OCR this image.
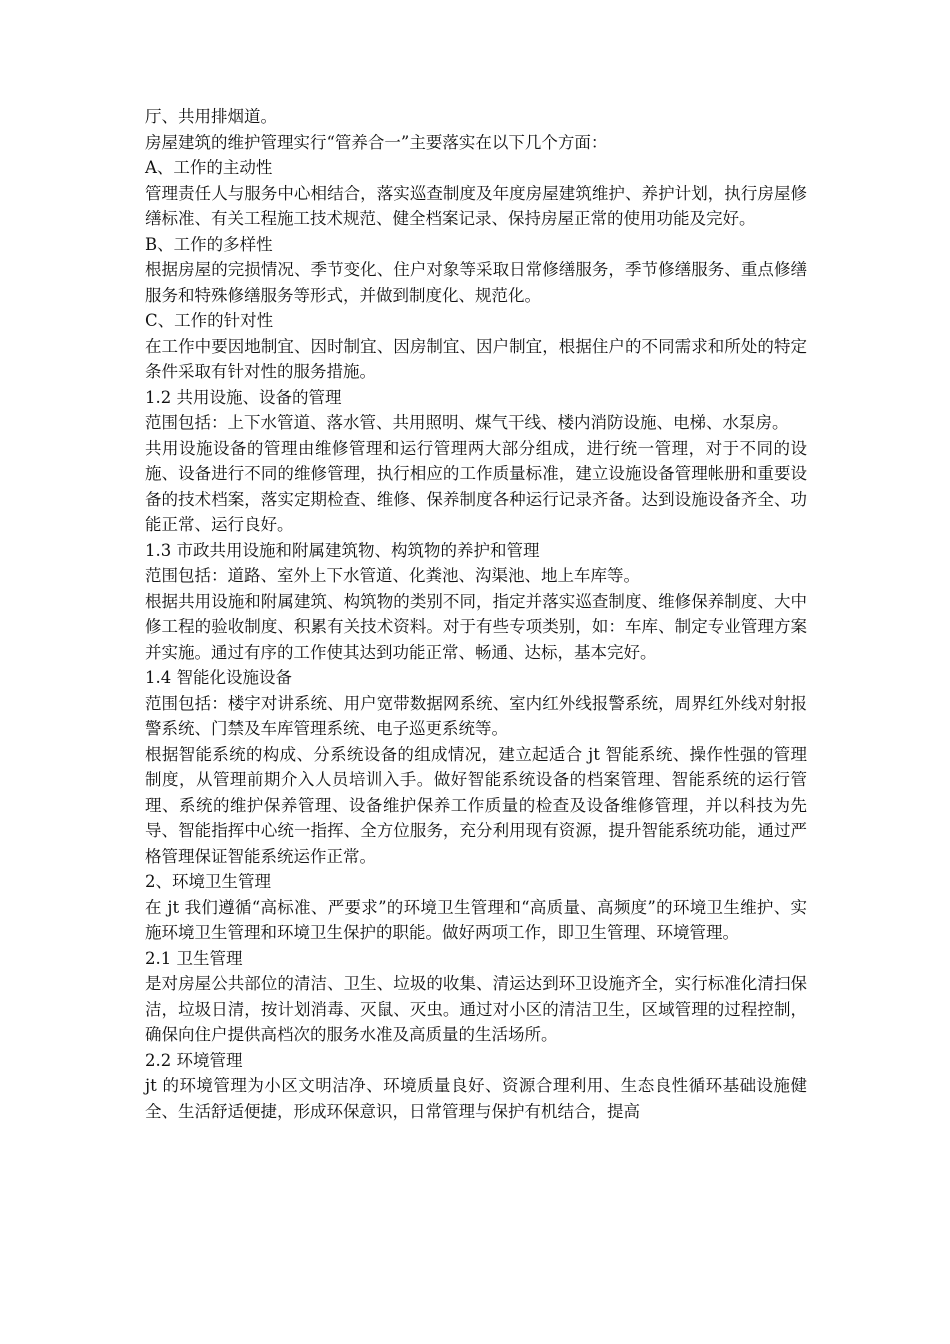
厅、共用排烟道。

房屋建筑的维护管理实行“管养合一”主要落实在以下几个方面：

A、工作的主动性

管理责任人与服务中心相结合，落实巡查制度及年度房屋建筑维护、养护计划，执行房屋修缮标准、有关工程施工技术规范、健全档案记录、保持房屋正常的使用功能及完好。

B、工作的多样性

根据房屋的完损情况、季节变化、住户对象等采取日常修缮服务，季节修缮服务、重点修缮服务和特殊修缮服务等形式，并做到制度化、规范化。

C、工作的针对性

在工作中要因地制宜、因时制宜、因房制宜、因户制宜，根据住户的不同需求和所处的特定条件采取有针对性的服务措施。

1.2 共用设施、设备的管理

范围包括：上下水管道、落水管、共用照明、煤气干线、楼内消防设施、电梯、水泵房。

共用设施设备的管理由维修管理和运行管理两大部分组成，进行统一管理，对于不同的设施、设备进行不同的维修管理，执行相应的工作质量标准，建立设施设备管理帐册和重要设备的技术档案，落实定期检查、维修、保养制度各种运行记录齐备。达到设施设备齐全、功能正常、运行良好。

1.3 市政共用设施和附属建筑物、构筑物的养护和管理

范围包括：道路、室外上下水管道、化粪池、沟渠池、地上车库等。

根据共用设施和附属建筑、构筑物的类别不同，指定并落实巡查制度、维修保养制度、大中修工程的验收制度、积累有关技术资料。对于有些专项类别，如：车库、制定专业管理方案并实施。通过有序的工作使其达到功能正常、畅通、达标，基本完好。

1.4 智能化设施设备

范围包括：楼宇对讲系统、用户宽带数据网系统、室内红外线报警系统，周界红外线对射报警系统、门禁及车库管理系统、电子巡更系统等。

根据智能系统的构成、分系统设备的组成情况，建立起适合 jt 智能系统、操作性强的管理制度，从管理前期介入人员培训入手。做好智能系统设备的档案管理、智能系统的运行管理、系统的维护保养管理、设备维护保养工作质量的检查及设备维修管理，并以科技为先导、智能指挥中心统一指挥、全方位服务，充分利用现有资源，提升智能系统功能，通过严格管理保证智能系统运作正常。

2、环境卫生管理

在 jt 我们遵循“高标准、严要求”的环境卫生管理和“高质量、高频度”的环境卫生维护、实施环境卫生管理和环境卫生保护的职能。做好两项工作，即卫生管理、环境管理。

2.1 卫生管理

是对房屋公共部位的清洁、卫生、垃圾的收集、清运达到环卫设施齐全，实行标准化清扫保洁，垃圾日清，按计划消毒、灭鼠、灭虫。通过对小区的清洁卫生，区域管理的过程控制，确保向住户提供高档次的服务水准及高质量的生活场所。

2.2 环境管理

jt 的环境管理为小区文明洁净、环境质量良好、资源合理利用、生态良性循环基础设施健全、生活舒适便捷，形成环保意识，日常管理与保护有机结合，提高
